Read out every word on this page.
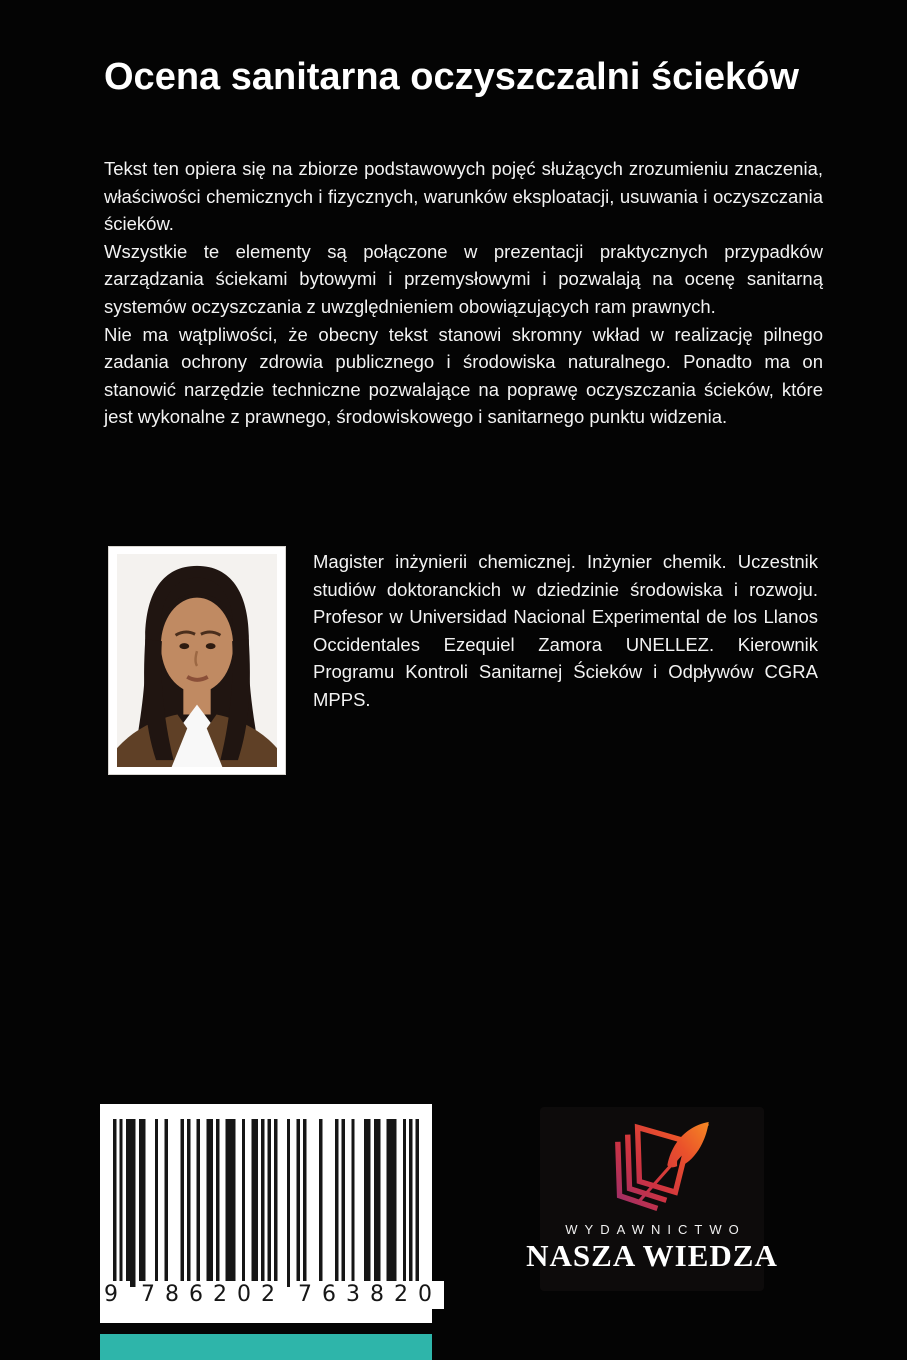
Ocena sanitarna oczyszczalni ścieków

Tekst ten opiera się na zbiorze podstawowych pojęć służących zrozumieniu znaczenia, właściwości chemicznych i fizycznych, warunków eksploatacji, usuwania i oczyszczania ścieków.

Wszystkie te elementy są połączone w prezentacji praktycznych przypadków zarządzania ściekami bytowymi i przemysłowymi i pozwalają na ocenę sanitarną systemów oczyszczania z uwzględnieniem obowiązujących ram prawnych.

Nie ma wątpliwości, że obecny tekst stanowi skromny wkład w realizację pilnego zadania ochrony zdrowia publicznego i środowiska naturalnego. Ponadto ma on stanowić narzędzie techniczne pozwalające na poprawę oczyszczania ścieków, które jest wykonalne z prawnego, środowiskowego i sanitarnego punktu widzenia.

Magister inżynierii chemicznej. Inżynier chemik. Uczestnik studiów doktoranckich w dziedzinie środowiska i rozwoju. Profesor w Universidad Nacional Experimental de los Llanos Occidentales Ezequiel Zamora UNELLEZ. Kierownik Programu Kontroli Sanitarnej Ścieków i Odpływów CGRA MPPS.
9 786202 763820
WYDAWNICTWO
NASZA WIEDZA
